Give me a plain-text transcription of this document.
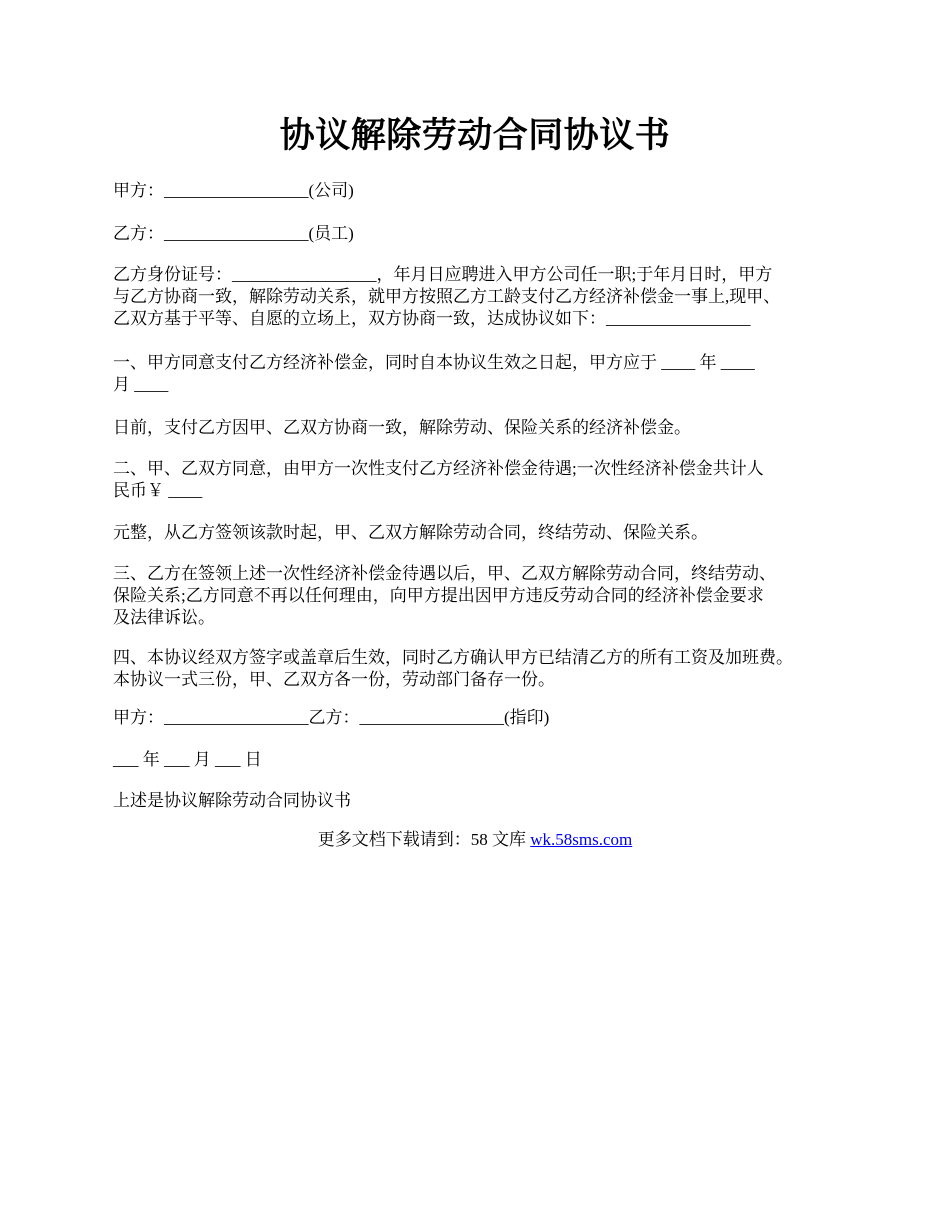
协议解除劳动合同协议书
甲方：_________________(公司)
乙方：_________________(员工)
乙方身份证号：_________________，年月日应聘进入甲方公司任一职;于年月日时，甲方
与乙方协商一致，解除劳动关系，就甲方按照乙方工龄支付乙方经济补偿金一事上,现甲、
乙双方基于平等、自愿的立场上，双方协商一致，达成协议如下：_________________
一、甲方同意支付乙方经济补偿金，同时自本协议生效之日起，甲方应于 ____ 年 ____
月 ____
日前，支付乙方因甲、乙双方协商一致，解除劳动、保险关系的经济补偿金。
二、甲、乙双方同意，由甲方一次性支付乙方经济补偿金待遇;一次性经济补偿金共计人
民币￥ ____
元整，从乙方签领该款时起，甲、乙双方解除劳动合同，终结劳动、保险关系。
三、乙方在签领上述一次性经济补偿金待遇以后，甲、乙双方解除劳动合同，终结劳动、
保险关系;乙方同意不再以任何理由，向甲方提出因甲方违反劳动合同的经济补偿金要求
及法律诉讼。
四、本协议经双方签字或盖章后生效，同时乙方确认甲方已结清乙方的所有工资及加班费。
本协议一式三份，甲、乙双方各一份，劳动部门备存一份。
甲方：_________________乙方：_________________(指印)
___ 年 ___ 月 ___ 日
上述是协议解除劳动合同协议书
更多文档下载请到：58 文库 wk.58sms.com
